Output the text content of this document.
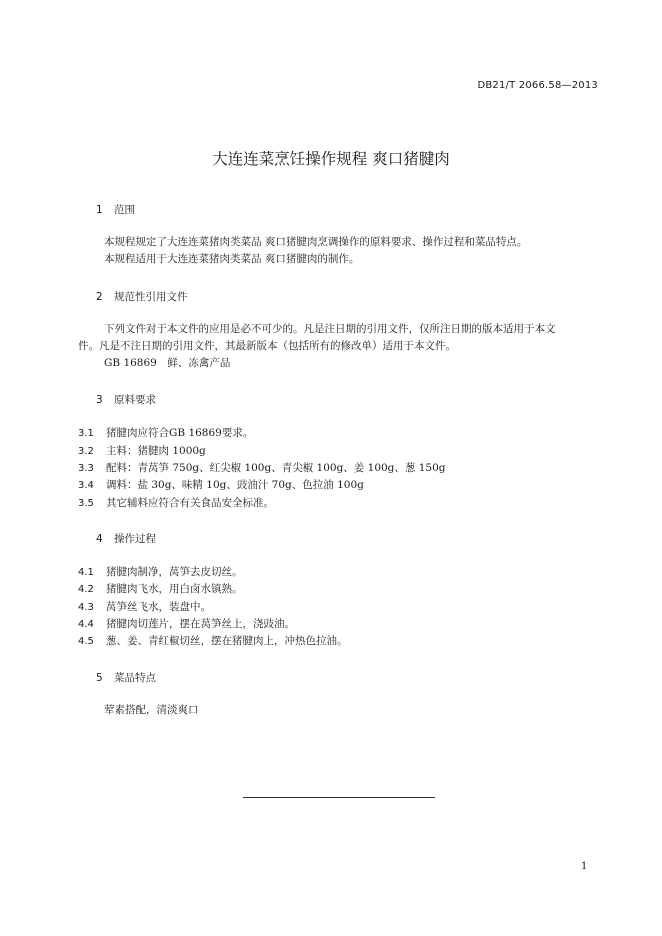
DB21/T 2066.58—2013
大连连菜烹饪操作规程 爽口猪腱肉
1 范围
本规程规定了大连连菜猪肉类菜品 爽口猪腱肉烹调操作的原料要求、操作过程和菜品特点。
本规程适用于大连连菜猪肉类菜品 爽口猪腱肉的制作。
2 规范性引用文件
下列文件对于本文件的应用是必不可少的。凡是注日期的引用文件，仅所注日期的版本适用于本文
件。凡是不注日期的引用文件，其最新版本（包括所有的修改单）适用于本文件。
GB 16869　鲜、冻禽产品
3 原料要求
3.1 猪腱肉应符合GB 16869要求。
3.2 主料：猪腱肉 1000g
3.3 配料：青莴笋 750g、红尖椒 100g、青尖椒 100g、姜 100g、葱 150g
3.4 调料：盐 30g、味精 10g、豉油汁 70g、色拉油 100g
3.5 其它辅料应符合有关食品安全标准。
4 操作过程
4.1 猪腱肉制净，莴笋去皮切丝。
4.2 猪腱肉飞水，用白卤水镇熟。
4.3 莴笋丝飞水，装盘中。
4.4 猪腱肉切莲片，摆在莴笋丝上，浇豉油。
4.5 葱、姜、青红椒切丝，摆在猪腱肉上，冲热色拉油。
5 菜品特点
荤素搭配，清淡爽口
1
